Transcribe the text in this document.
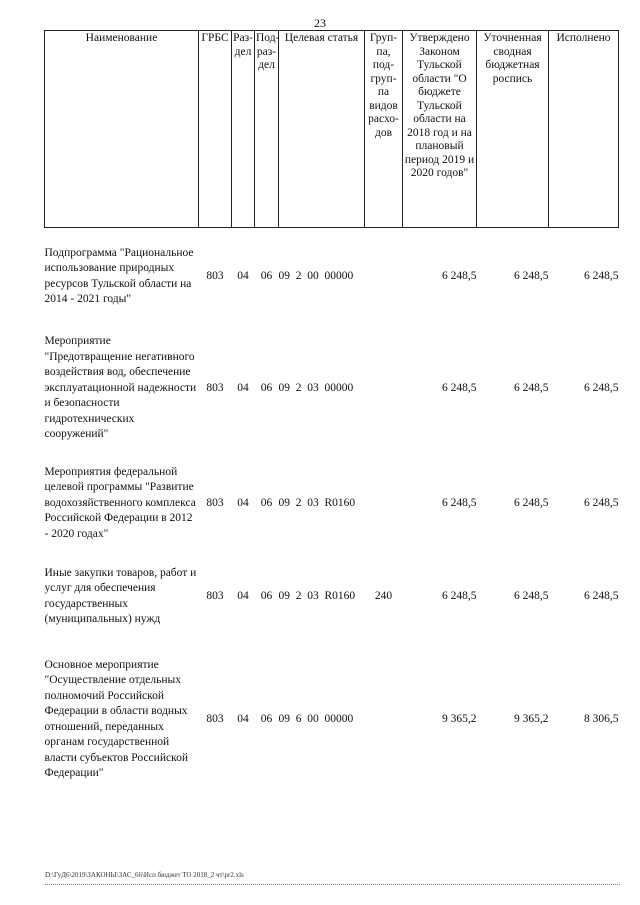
23
Наименование	ГРБС	Раз-дел	Под-раз-дел	Целевая статья	Груп-па, под-груп-па видов расхо-дов	Утверждено Законом Тульской области "О бюджете Тульской области на 2018 год и на плановый период 2019 и 2020 годов"	Уточненная сводная бюджетная роспись	Исполнено

Подпрограмма "Рациональное использование природных ресурсов Тульской области на 2014 - 2021 годы"	803	04	06	09  2  00  00000		6 248,5	6 248,5	6 248,5

Мероприятие "Предотвращение негативного воздействия вод, обеспечение эксплуатационной надежности и безопасности гидротехнических сооружений"	803	04	06	09  2  03  00000		6 248,5	6 248,5	6 248,5
Мероприятия федеральной целевой программы "Развитие водохозяйственного комплекса Российской Федерации в 2012 - 2020 годах"	803	04	06	09  2  03  R0160		6 248,5	6 248,5	6 248,5
Иные закупки товаров, работ и услуг для обеспечения государственных (муниципальных) нужд	803	04	06	09  2  03  R0160	240	6 248,5	6 248,5	6 248,5

Основное мероприятие "Осуществление отдельных полномочий Российской Федерации в области водных отношений, переданных органам государственной власти субъектов Российской Федерации"	803	04	06	09  6  00  00000		9 365,2	9 365,2	8 306,5
D:\ГуД6\2019\ЗАКОНЫ\ЗАС_66\Исп бюджет ТО 2018_2 чт\pr2.xls
